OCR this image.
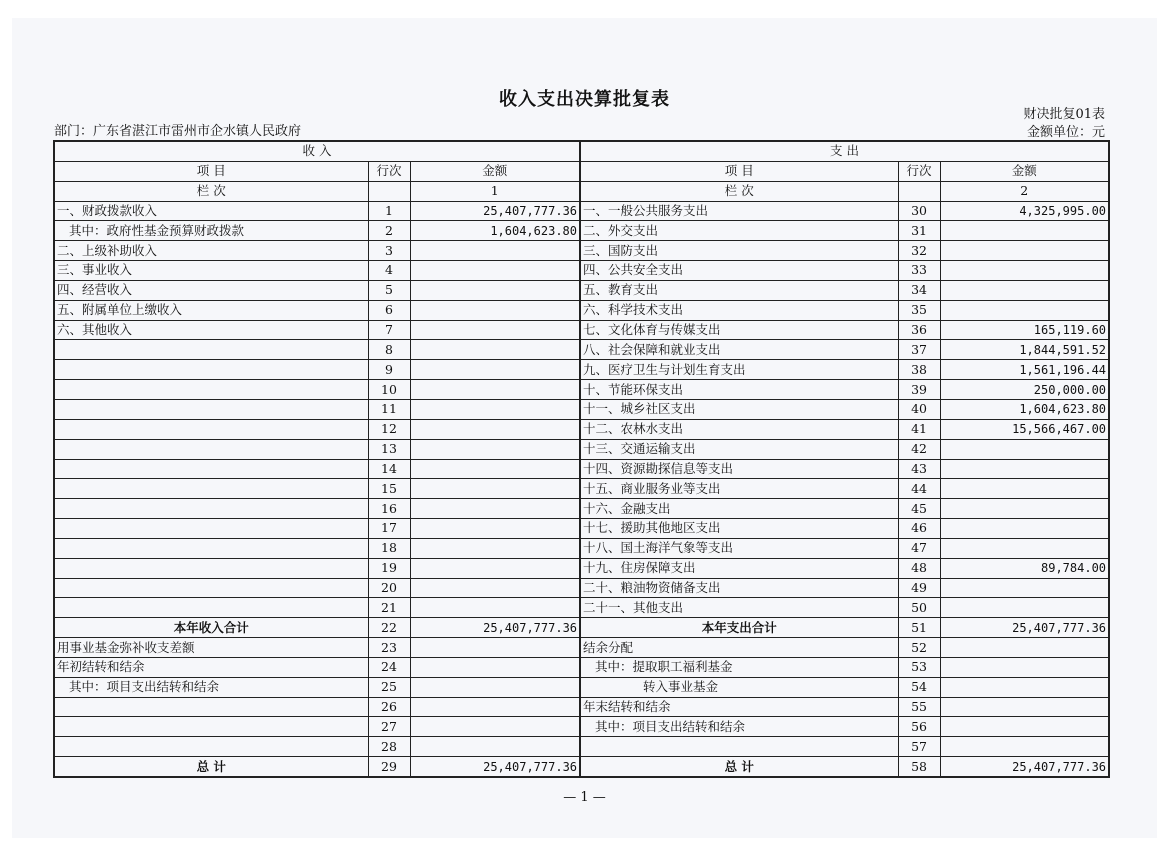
收入支出决算批复表
财决批复01表
金额单位：元
部门：广东省湛江市雷州市企水镇人民政府
收 入			支 出		
项 目	行次	金额	项 目	行次	金额
栏 次		1	栏 次		2
一、财政拨款收入	1	25,407,777.36	一、一般公共服务支出	30	4,325,995.00
其中：政府性基金预算财政拨款	2	1,604,623.80	二、外交支出	31	
二、上级补助收入	3		三、国防支出	32	
三、事业收入	4		四、公共安全支出	33	
四、经营收入	5		五、教育支出	34	
五、附属单位上缴收入	6		六、科学技术支出	35	
六、其他收入	7		七、文化体育与传媒支出	36	165,119.60
	8		八、社会保障和就业支出	37	1,844,591.52
	9		九、医疗卫生与计划生育支出	38	1,561,196.44
	10		十、节能环保支出	39	250,000.00
	11		十一、城乡社区支出	40	1,604,623.80
	12		十二、农林水支出	41	15,566,467.00
	13		十三、交通运输支出	42	
	14		十四、资源勘探信息等支出	43	
	15		十五、商业服务业等支出	44	
	16		十六、金融支出	45	
	17		十七、援助其他地区支出	46	
	18		十八、国土海洋气象等支出	47	
	19		十九、住房保障支出	48	89,784.00
	20		二十、粮油物资储备支出	49	
	21		二十一、其他支出	50	
本年收入合计	22	25,407,777.36	本年支出合计	51	25,407,777.36
用事业基金弥补收支差额	23		结余分配	52	
年初结转和结余	24		其中：提取职工福利基金	53	
其中：项目支出结转和结余	25		转入事业基金	54	
	26		年末结转和结余	55	
	27		其中：项目支出结转和结余	56	
	28			57	
总 计	29	25,407,777.36	总 计	58	25,407,777.36
— 1 —
